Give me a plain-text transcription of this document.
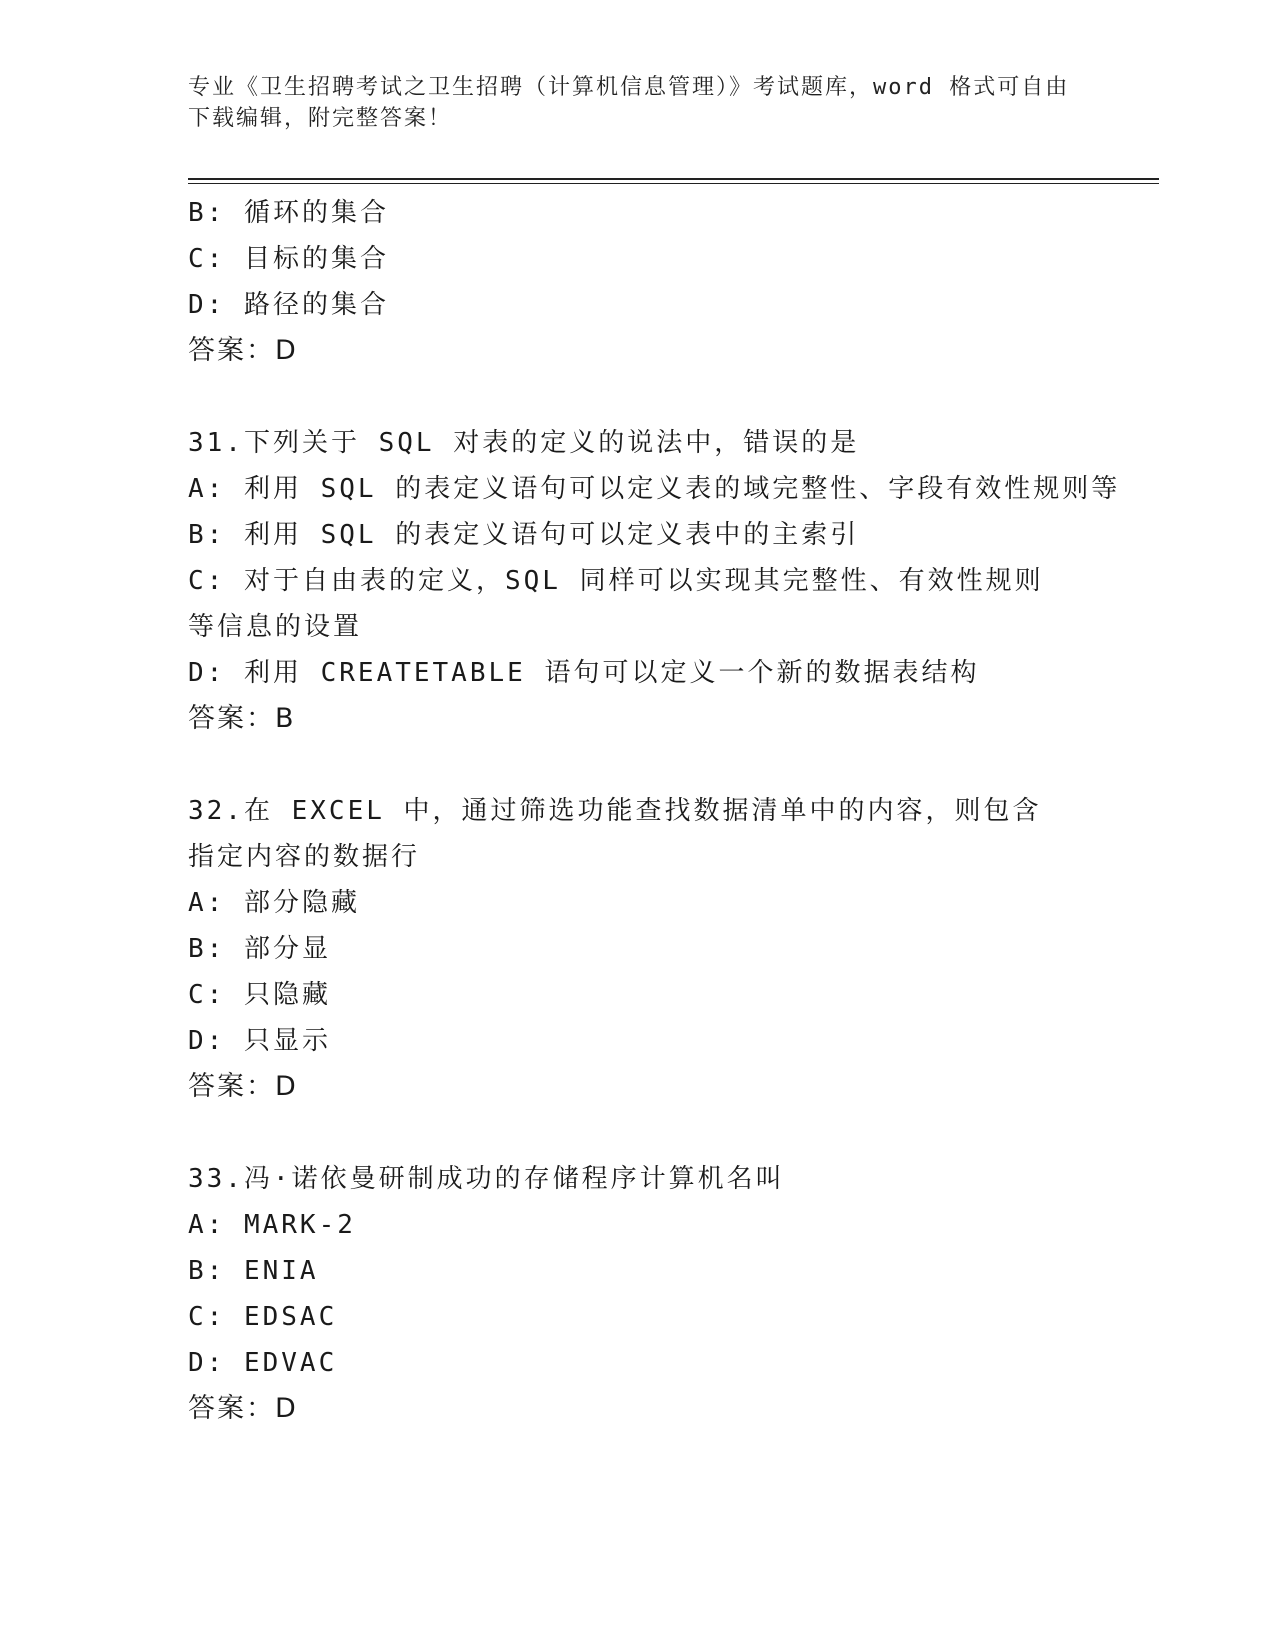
专业《卫生招聘考试之卫生招聘（计算机信息管理）》考试题库，word 格式可自由下载编辑，附完整答案！
B: 循环的集合
C: 目标的集合
D: 路径的集合
答案：D
31.下列关于 SQL 对表的定义的说法中，错误的是
A: 利用 SQL 的表定义语句可以定义表的域完整性、字段有效性规则等
B: 利用 SQL 的表定义语句可以定义表中的主索引
C: 对于自由表的定义，SQL 同样可以实现其完整性、有效性规则等信息的设置
D: 利用 CREATETABLE 语句可以定义一个新的数据表结构
答案：B
32.在 EXCEL 中，通过筛选功能查找数据清单中的内容，则包含指定内容的数据行
A: 部分隐藏
B: 部分显
C: 只隐藏
D: 只显示
答案：D
33.冯·诺依曼研制成功的存储程序计算机名叫
A: MARK-2
B: ENIA
C: EDSAC
D: EDVAC
答案：D
